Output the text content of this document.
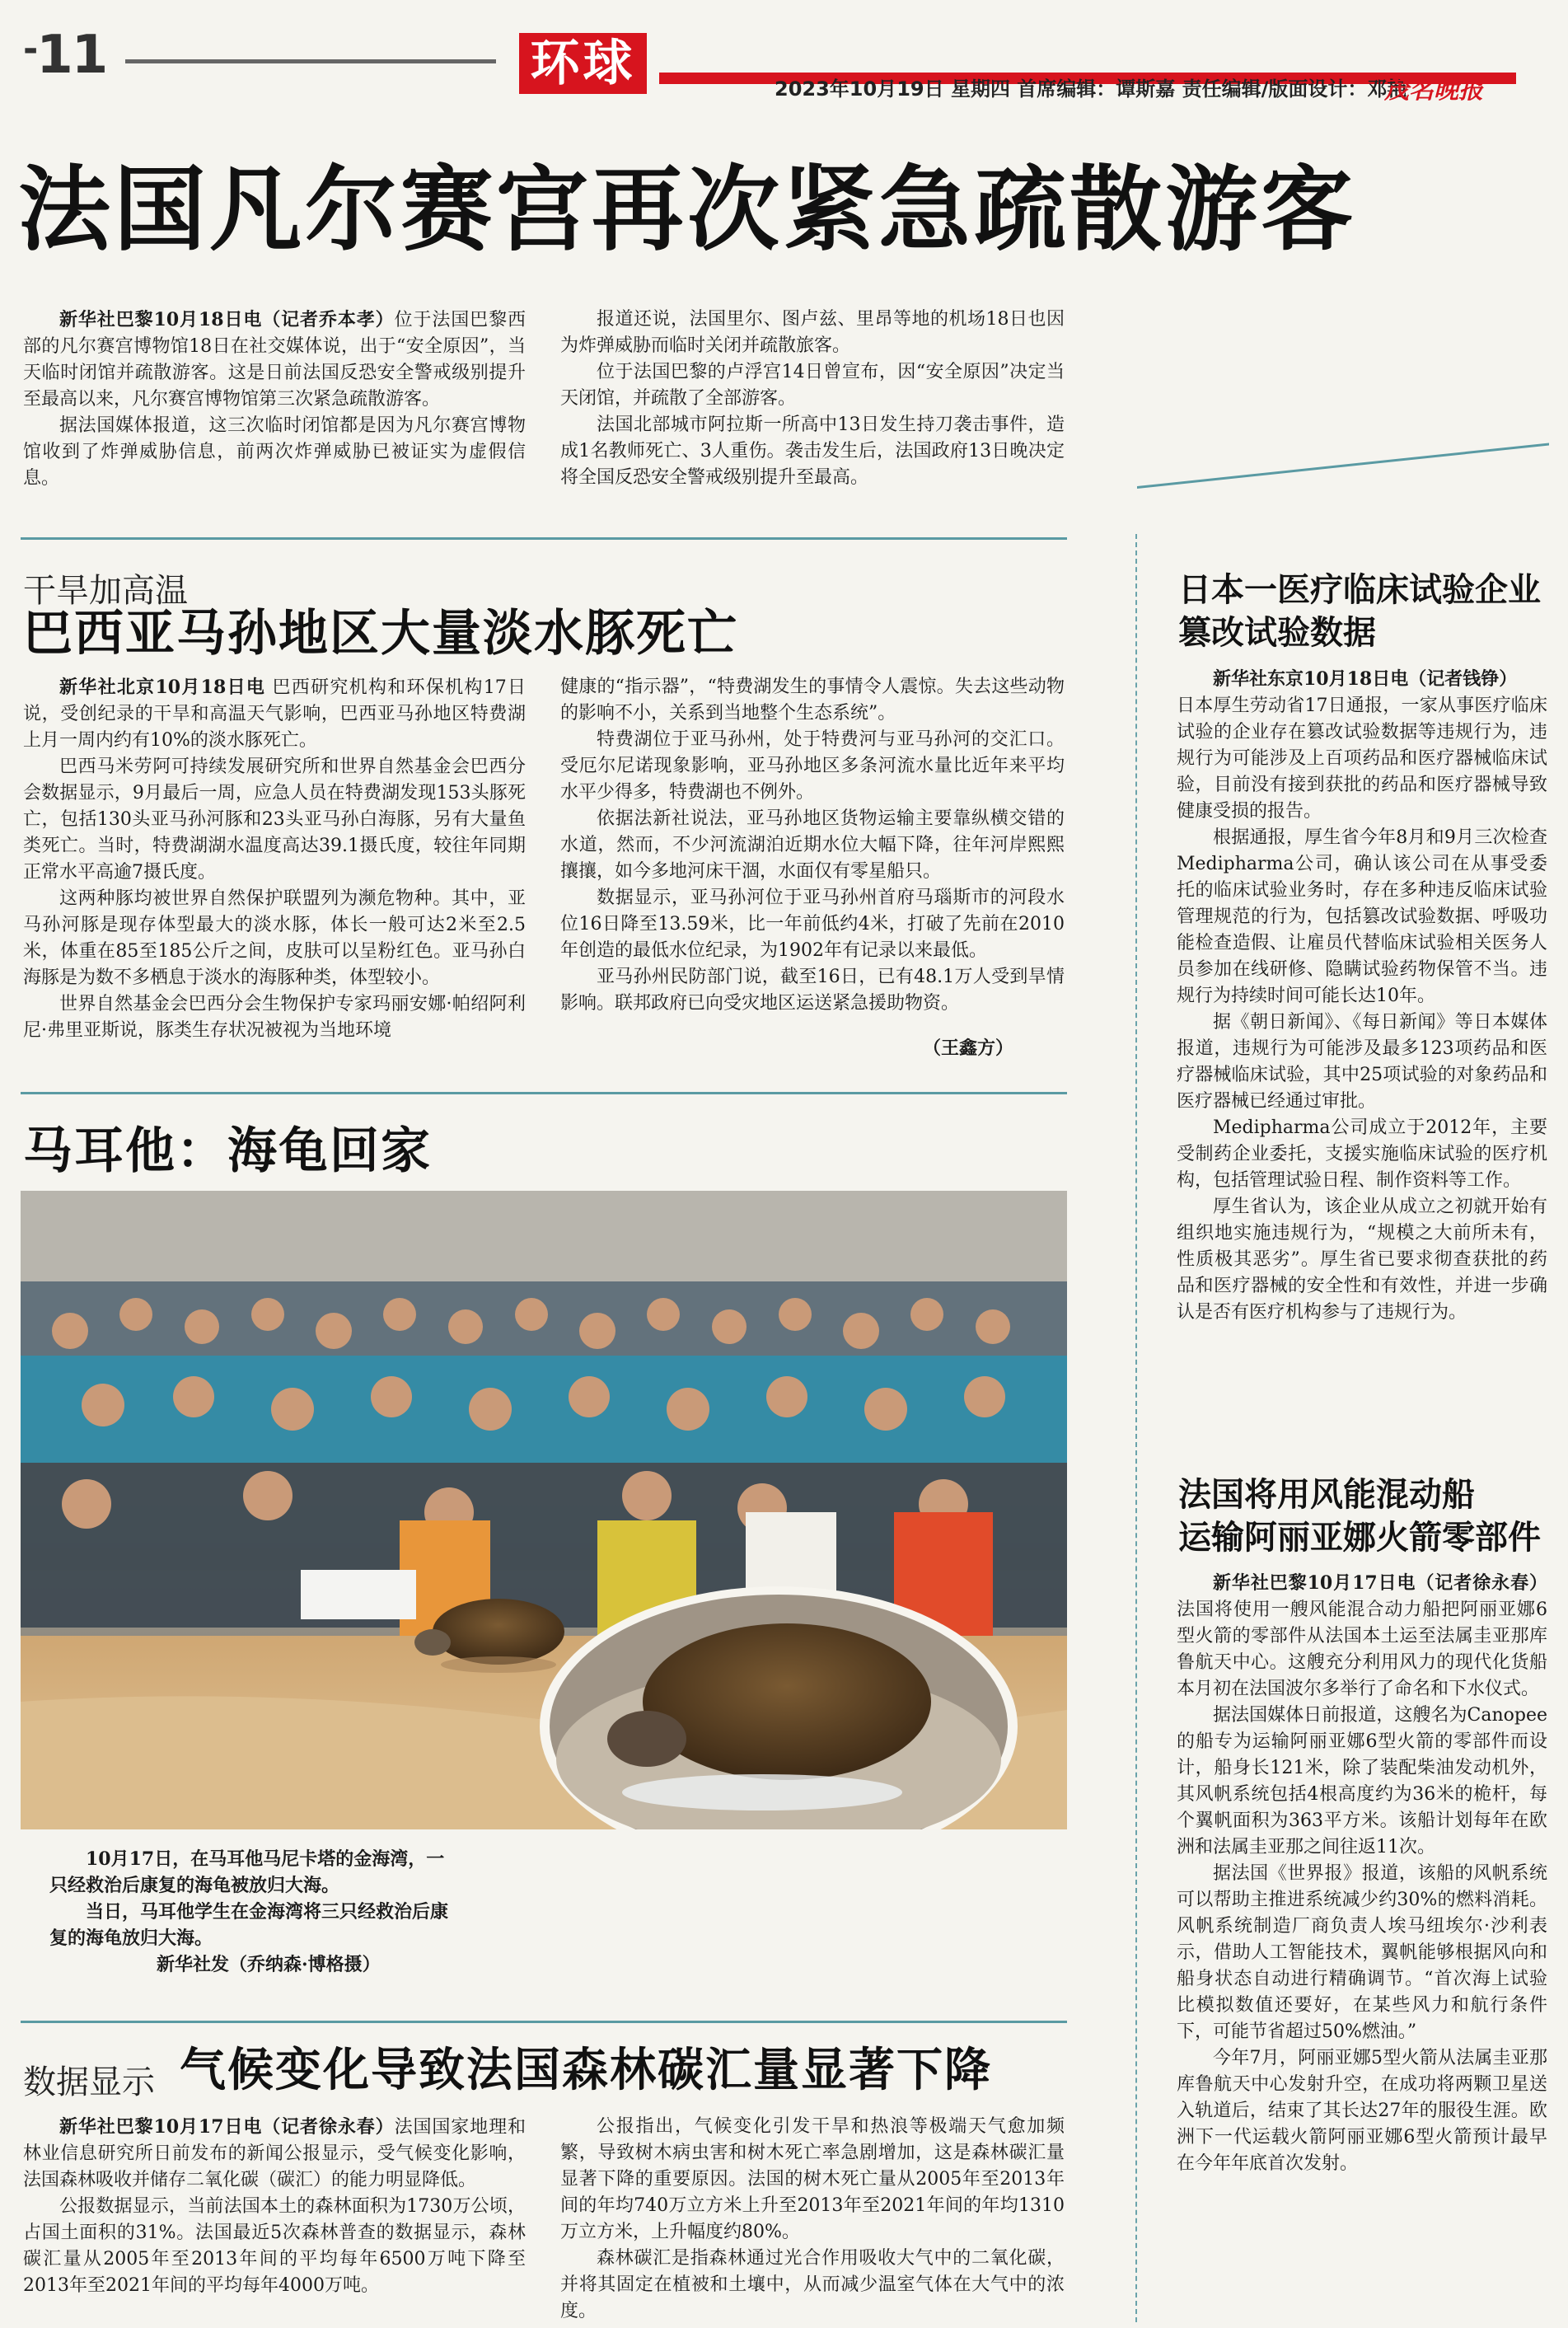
-11	环球	2023年10月19日 星期四 首席编辑：谭斯嘉 责任编辑/版面设计：邓艳
茂名晚报
法国凡尔赛宫再次紧急疏散游客

新华社巴黎10月18日电（记者乔本孝）位于法国巴黎西部的凡尔赛宫博物馆18日在社交媒体说，出于“安全原因”，当天临时闭馆并疏散游客。这是日前法国反恐安全警戒级别提升至最高以来，凡尔赛宫博物馆第三次紧急疏散游客。

据法国媒体报道，这三次临时闭馆都是因为凡尔赛宫博物馆收到了炸弹威胁信息，前两次炸弹威胁已被证实为虚假信息。

报道还说，法国里尔、图卢兹、里昂等地的机场18日也因为炸弹威胁而临时关闭并疏散旅客。

位于法国巴黎的卢浮宫14日曾宣布，因“安全原因”决定当天闭馆，并疏散了全部游客。

法国北部城市阿拉斯一所高中13日发生持刀袭击事件，造成1名教师死亡、3人重伤。袭击发生后，法国政府13日晚决定将全国反恐安全警戒级别提升至最高。

干旱加高温
巴西亚马孙地区大量淡水豚死亡

新华社北京10月18日电 巴西研究机构和环保机构17日说，受创纪录的干旱和高温天气影响，巴西亚马孙地区特费湖上月一周内约有10%的淡水豚死亡。

巴西马米劳阿可持续发展研究所和世界自然基金会巴西分会数据显示，9月最后一周，应急人员在特费湖发现153头豚死亡，包括130头亚马孙河豚和23头亚马孙白海豚，另有大量鱼类死亡。当时，特费湖湖水温度高达39.1摄氏度，较往年同期正常水平高逾7摄氏度。

这两种豚均被世界自然保护联盟列为濒危物种。其中，亚马孙河豚是现存体型最大的淡水豚，体长一般可达2米至2.5米，体重在85至185公斤之间，皮肤可以呈粉红色。亚马孙白海豚是为数不多栖息于淡水的海豚种类，体型较小。

世界自然基金会巴西分会生物保护专家玛丽安娜·帕绍阿利尼·弗里亚斯说，豚类生存状况被视为当地环境

健康的“指示器”，“特费湖发生的事情令人震惊。失去这些动物的影响不小，关系到当地整个生态系统”。

特费湖位于亚马孙州，处于特费河与亚马孙河的交汇口。受厄尔尼诺现象影响，亚马孙地区多条河流水量比近年来平均水平少得多，特费湖也不例外。

依据法新社说法，亚马孙地区货物运输主要靠纵横交错的水道，然而，不少河流湖泊近期水位大幅下降，往年河岸熙熙攘攘，如今多地河床干涸，水面仅有零星船只。

数据显示，亚马孙河位于亚马孙州首府马瑙斯市的河段水位16日降至13.59米，比一年前低约4米，打破了先前在2010年创造的最低水位纪录，为1902年有记录以来最低。

亚马孙州民防部门说，截至16日，已有48.1万人受到旱情影响。联邦政府已向受灾地区运送紧急援助物资。

（王鑫方）
马耳他：海龟回家
10月17日，在马耳他马尼卡塔的金海湾，一只经救治后康复的海龟被放归大海。
当日，马耳他学生在金海湾将三只经救治后康复的海龟放归大海。
新华社发（乔纳森·博格摄）
数据显示 气候变化导致法国森林碳汇量显著下降

新华社巴黎10月17日电（记者徐永春）法国国家地理和林业信息研究所日前发布的新闻公报显示，受气候变化影响，法国森林吸收并储存二氧化碳（碳汇）的能力明显降低。

公报数据显示，当前法国本土的森林面积为1730万公顷，占国土面积的31%。法国最近5次森林普查的数据显示，森林碳汇量从2005年至2013年间的平均每年6500万吨下降至2013年至2021年间的平均每年4000万吨。

公报指出，气候变化引发干旱和热浪等极端天气愈加频繁，导致树木病虫害和树木死亡率急剧增加，这是森林碳汇量显著下降的重要原因。法国的树木死亡量从2005年至2013年间的年均740万立方米上升至2013年至2021年间的年均1310万立方米，上升幅度约80%。

森林碳汇是指森林通过光合作用吸收大气中的二氧化碳，并将其固定在植被和土壤中，从而减少温室气体在大气中的浓度。

日本一医疗临床试验企业
篡改试验数据

新华社东京10月18日电（记者钱铮）

日本厚生劳动省17日通报，一家从事医疗临床试验的企业存在篡改试验数据等违规行为，违规行为可能涉及上百项药品和医疗器械临床试验，目前没有接到获批的药品和医疗器械导致健康受损的报告。

根据通报，厚生省今年8月和9月三次检查Medipharma公司，确认该公司在从事受委托的临床试验业务时，存在多种违反临床试验管理规范的行为，包括篡改试验数据、呼吸功能检查造假、让雇员代替临床试验相关医务人员参加在线研修、隐瞒试验药物保管不当。违规行为持续时间可能长达10年。

据《朝日新闻》、《每日新闻》等日本媒体报道，违规行为可能涉及最多123项药品和医疗器械临床试验，其中25项试验的对象药品和医疗器械已经通过审批。

Medipharma公司成立于2012年，主要受制药企业委托，支援实施临床试验的医疗机构，包括管理试验日程、制作资料等工作。

厚生省认为，该企业从成立之初就开始有组织地实施违规行为，“规模之大前所未有，性质极其恶劣”。厚生省已要求彻查获批的药品和医疗器械的安全性和有效性，并进一步确认是否有医疗机构参与了违规行为。

法国将用风能混动船
运输阿丽亚娜火箭零部件

新华社巴黎10月17日电（记者徐永春）法国将使用一艘风能混合动力船把阿丽亚娜6型火箭的零部件从法国本土运至法属圭亚那库鲁航天中心。这艘充分利用风力的现代化货船本月初在法国波尔多举行了命名和下水仪式。

据法国媒体日前报道，这艘名为Canopee的船专为运输阿丽亚娜6型火箭的零部件而设计，船身长121米，除了装配柴油发动机外，其风帆系统包括4根高度约为36米的桅杆，每个翼帆面积为363平方米。该船计划每年在欧洲和法属圭亚那之间往返11次。

据法国《世界报》报道，该船的风帆系统可以帮助主推进系统减少约30%的燃料消耗。风帆系统制造厂商负责人埃马纽埃尔·沙利表示，借助人工智能技术，翼帆能够根据风向和船身状态自动进行精确调节。“首次海上试验比模拟数值还要好，在某些风力和航行条件下，可能节省超过50%燃油。”

今年7月，阿丽亚娜5型火箭从法属圭亚那库鲁航天中心发射升空，在成功将两颗卫星送入轨道后，结束了其长达27年的服役生涯。欧洲下一代运载火箭阿丽亚娜6型火箭预计最早在今年年底首次发射。
